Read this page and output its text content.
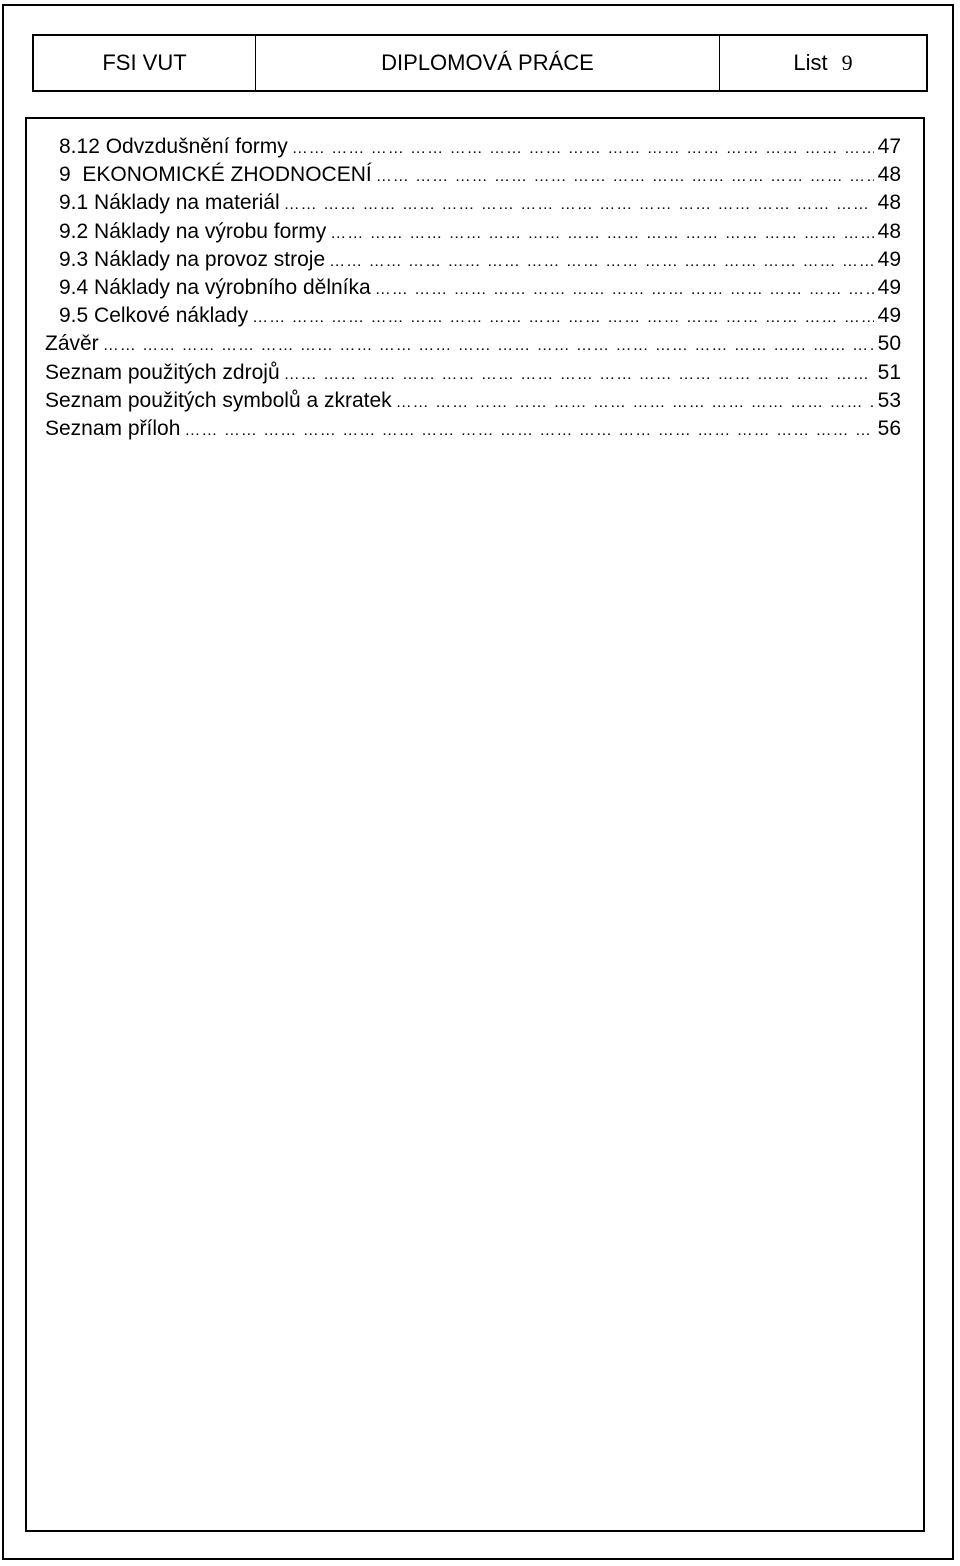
FSI VUT	DIPLOMOVÁ PRÁCE	List 9
8.12 Odvzdušnění formy …… …… …… …… …… …… …… …… …… …… …… …… …… …… …… …… …… …… …… …… …… …… …… …… …… …… …… …… …… …… …… ……	47
9  EKONOMICKÉ ZHODNOCENÍ …… …… …… …… …… …… …… …… …… …… …… …… …… …… …… …… …… …… …… …… …… …… …… …… …… …… …… …… …… …… …… ……	48
9.1 Náklady na materiál …… …… …… …… …… …… …… …… …… …… …… …… …… …… …… …… …… …… …… …… …… …… …… …… …… …… …… …… …… …… …… ……	48
9.2 Náklady na výrobu formy …… …… …… …… …… …… …… …… …… …… …… …… …… …… …… …… …… …… …… …… …… …… …… …… …… …… …… …… …… …… …… ……	48
9.3 Náklady na provoz stroje …… …… …… …… …… …… …… …… …… …… …… …… …… …… …… …… …… …… …… …… …… …… …… …… …… …… …… …… …… …… …… ……	49
9.4 Náklady na výrobního dělníka …… …… …… …… …… …… …… …… …… …… …… …… …… …… …… …… …… …… …… …… …… …… …… …… …… …… …… …… …… …… …… ……	49
9.5 Celkové náklady …… …… …… …… …… …… …… …… …… …… …… …… …… …… …… …… …… …… …… …… …… …… …… …… …… …… …… …… …… …… …… ……	49
Závěr …… …… …… …… …… …… …… …… …… …… …… …… …… …… …… …… …… …… …… …… …… …… …… …… …… …… …… …… …… …… …… ……	50
Seznam použitých zdrojů …… …… …… …… …… …… …… …… …… …… …… …… …… …… …… …… …… …… …… …… …… …… …… …… …… …… …… …… …… …… …… ……	51
Seznam použitých symbolů a zkratek …… …… …… …… …… …… …… …… …… …… …… …… …… …… …… …… …… …… …… …… …… …… …… …… …… …… …… …… …… …… …… ……	53
Seznam příloh …… …… …… …… …… …… …… …… …… …… …… …… …… …… …… …… …… …… …… …… …… …… …… …… …… …… …… …… …… …… …… ……	56
